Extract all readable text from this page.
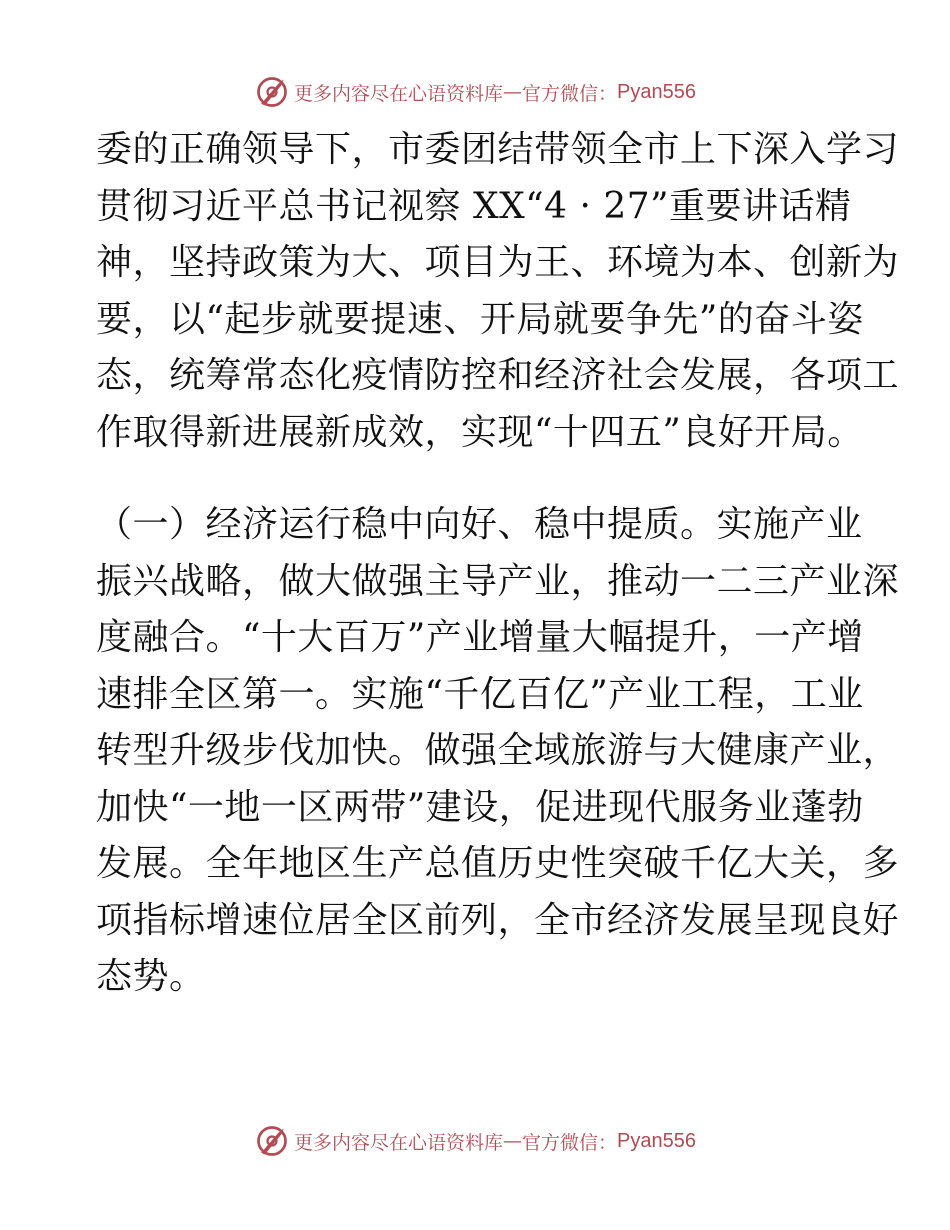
更多内容尽在心语资料库 — 官方微信： Pyan556
委的正确领导下，市委团结带领全市上下深入学习
贯彻习近平总书记视察 XX“4 · 27”重要讲话精
神，坚持政策为大、项目为王、环境为本、创新为
要，以“起步就要提速、开局就要争先”的奋斗姿
态，统筹常态化疫情防控和经济社会发展，各项工
作取得新进展新成效，实现“十四五”良好开局。
（一）经济运行稳中向好、稳中提质。实施产业
振兴战略，做大做强主导产业，推动一二三产业深
度融合。“十大百万”产业增量大幅提升，一产增
速排全区第一。实施“千亿百亿”产业工程，工业
转型升级步伐加快。做强全域旅游与大健康产业，
加快“一地一区两带”建设，促进现代服务业蓬勃
发展。全年地区生产总值历史性突破千亿大关，多
项指标增速位居全区前列，全市经济发展呈现良好
态势。
更多内容尽在心语资料库 — 官方微信： Pyan556
